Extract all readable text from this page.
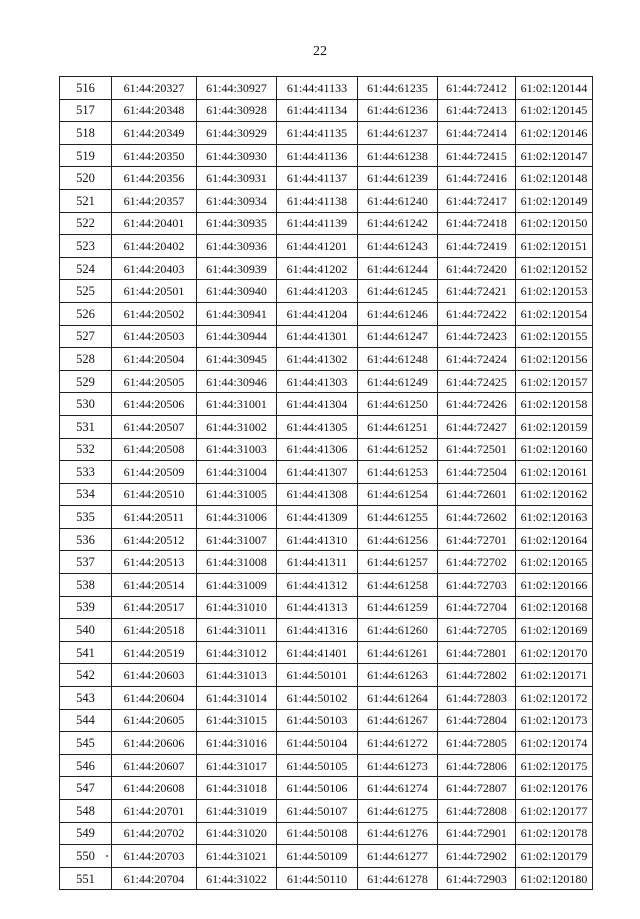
22
516	61:44:20327	61:44:30927	61:44:41133	61:44:61235	61:44:72412	61:02:120144
517	61:44:20348	61:44:30928	61:44:41134	61:44:61236	61:44:72413	61:02:120145
518	61:44:20349	61:44:30929	61:44:41135	61:44:61237	61:44:72414	61:02:120146
519	61:44:20350	61:44:30930	61:44:41136	61:44:61238	61:44:72415	61:02:120147
520	61:44:20356	61:44:30931	61:44:41137	61:44:61239	61:44:72416	61:02:120148
521	61:44:20357	61:44:30934	61:44:41138	61:44:61240	61:44:72417	61:02:120149
522	61:44:20401	61:44:30935	61:44:41139	61:44:61242	61:44:72418	61:02:120150
523	61:44:20402	61:44:30936	61:44:41201	61:44:61243	61:44:72419	61:02:120151
524	61:44:20403	61:44:30939	61:44:41202	61:44:61244	61:44:72420	61:02:120152
525	61:44:20501	61:44:30940	61:44:41203	61:44:61245	61:44:72421	61:02:120153
526	61:44:20502	61:44:30941	61:44:41204	61:44:61246	61:44:72422	61:02:120154
527	61:44:20503	61:44:30944	61:44:41301	61:44:61247	61:44:72423	61:02:120155
528	61:44:20504	61:44:30945	61:44:41302	61:44:61248	61:44:72424	61:02:120156
529	61:44:20505	61:44:30946	61:44:41303	61:44:61249	61:44:72425	61:02:120157
530	61:44:20506	61:44:31001	61:44:41304	61:44:61250	61:44:72426	61:02:120158
531	61:44:20507	61:44:31002	61:44:41305	61:44:61251	61:44:72427	61:02:120159
532	61:44:20508	61:44:31003	61:44:41306	61:44:61252	61:44:72501	61:02:120160
533	61:44:20509	61:44:31004	61:44:41307	61:44:61253	61:44:72504	61:02:120161
534	61:44:20510	61:44:31005	61:44:41308	61:44:61254	61:44:72601	61:02:120162
535	61:44:20511	61:44:31006	61:44:41309	61:44:61255	61:44:72602	61:02:120163
536	61:44:20512	61:44:31007	61:44:41310	61:44:61256	61:44:72701	61:02:120164
537	61:44:20513	61:44:31008	61:44:41311	61:44:61257	61:44:72702	61:02:120165
538	61:44:20514	61:44:31009	61:44:41312	61:44:61258	61:44:72703	61:02:120166
539	61:44:20517	61:44:31010	61:44:41313	61:44:61259	61:44:72704	61:02:120168
540	61:44:20518	61:44:31011	61:44:41316	61:44:61260	61:44:72705	61:02:120169
541	61:44:20519	61:44:31012	61:44:41401	61:44:61261	61:44:72801	61:02:120170
542	61:44:20603	61:44:31013	61:44:50101	61:44:61263	61:44:72802	61:02:120171
543	61:44:20604	61:44:31014	61:44:50102	61:44:61264	61:44:72803	61:02:120172
544	61:44:20605	61:44:31015	61:44:50103	61:44:61267	61:44:72804	61:02:120173
545	61:44:20606	61:44:31016	61:44:50104	61:44:61272	61:44:72805	61:02:120174
546	61:44:20607	61:44:31017	61:44:50105	61:44:61273	61:44:72806	61:02:120175
547	61:44:20608	61:44:31018	61:44:50106	61:44:61274	61:44:72807	61:02:120176
548	61:44:20701	61:44:31019	61:44:50107	61:44:61275	61:44:72808	61:02:120177
549	61:44:20702	61:44:31020	61:44:50108	61:44:61276	61:44:72901	61:02:120178
550	61:44:20703	61:44:31021	61:44:50109	61:44:61277	61:44:72902	61:02:120179
551	61:44:20704	61:44:31022	61:44:50110	61:44:61278	61:44:72903	61:02:120180
